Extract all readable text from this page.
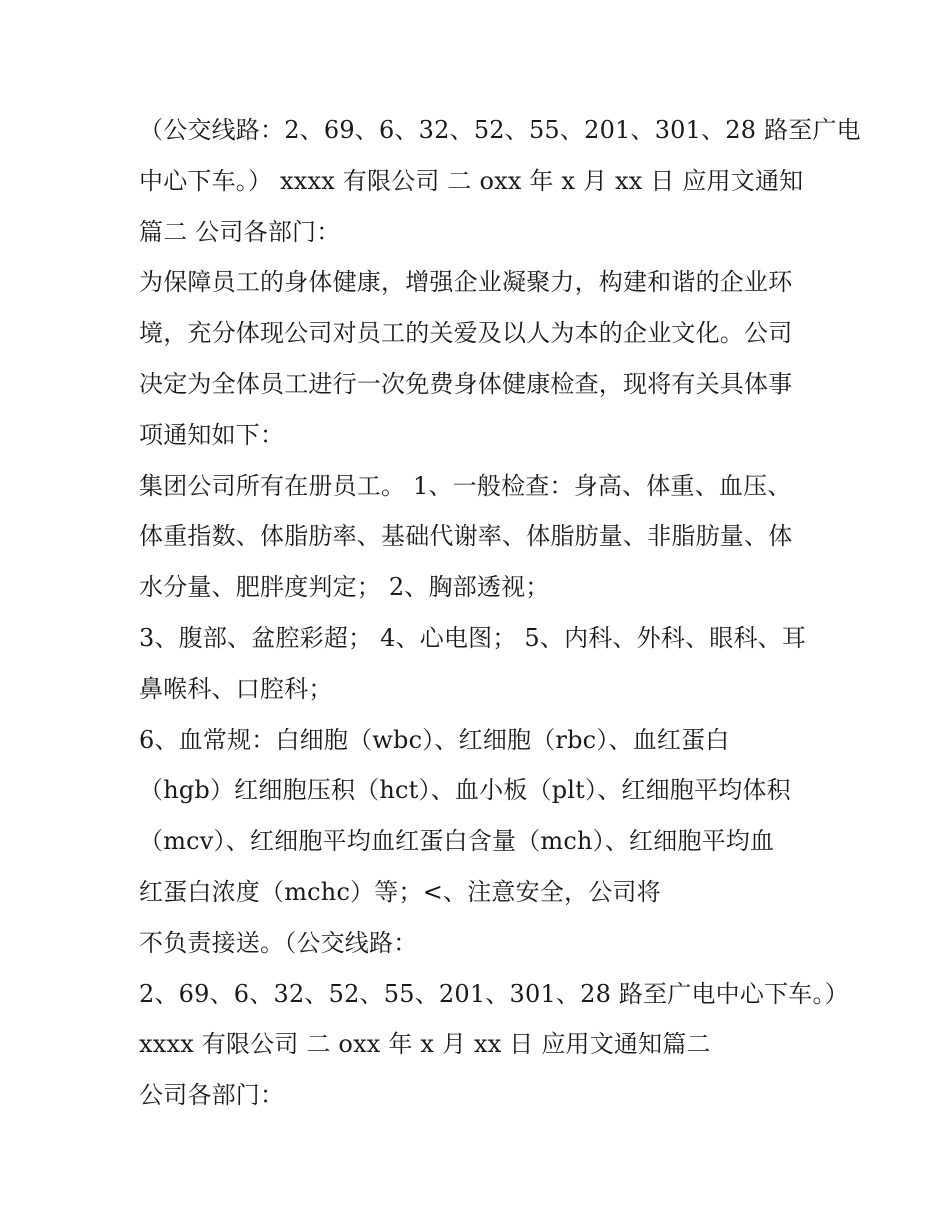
（公交线路：2、69、6、32、52、55、201、301、28 路至广电
中心下车。） xxxx 有限公司 二 oxx 年 x 月 xx 日 应用文通知
篇二 公司各部门：
为保障员工的身体健康，增强企业凝聚力，构建和谐的企业环
境，充分体现公司对员工的关爱及以人为本的企业文化。公司
决定为全体员工进行一次免费身体健康检查，现将有关具体事
项通知如下：
集团公司所有在册员工。 1、一般检查：身高、体重、血压、
体重指数、体脂肪率、基础代谢率、体脂肪量、非脂肪量、体
水分量、肥胖度判定； 2、胸部透视；
3、腹部、盆腔彩超； 4、心电图； 5、内科、外科、眼科、耳
鼻喉科、口腔科；
6、血常规：白细胞（wbc）、红细胞（rbc）、血红蛋白
（hgb）红细胞压积（hct）、血小板（plt）、红细胞平均体积
（mcv）、红细胞平均血红蛋白含量（mch）、红细胞平均血
红蛋白浓度（mchc）等；<、注意安全，公司将
不负责接送。（公交线路：
2、69、6、32、52、55、201、301、28 路至广电中心下车。）
xxxx 有限公司 二 oxx 年 x 月 xx 日 应用文通知篇二
公司各部门：
